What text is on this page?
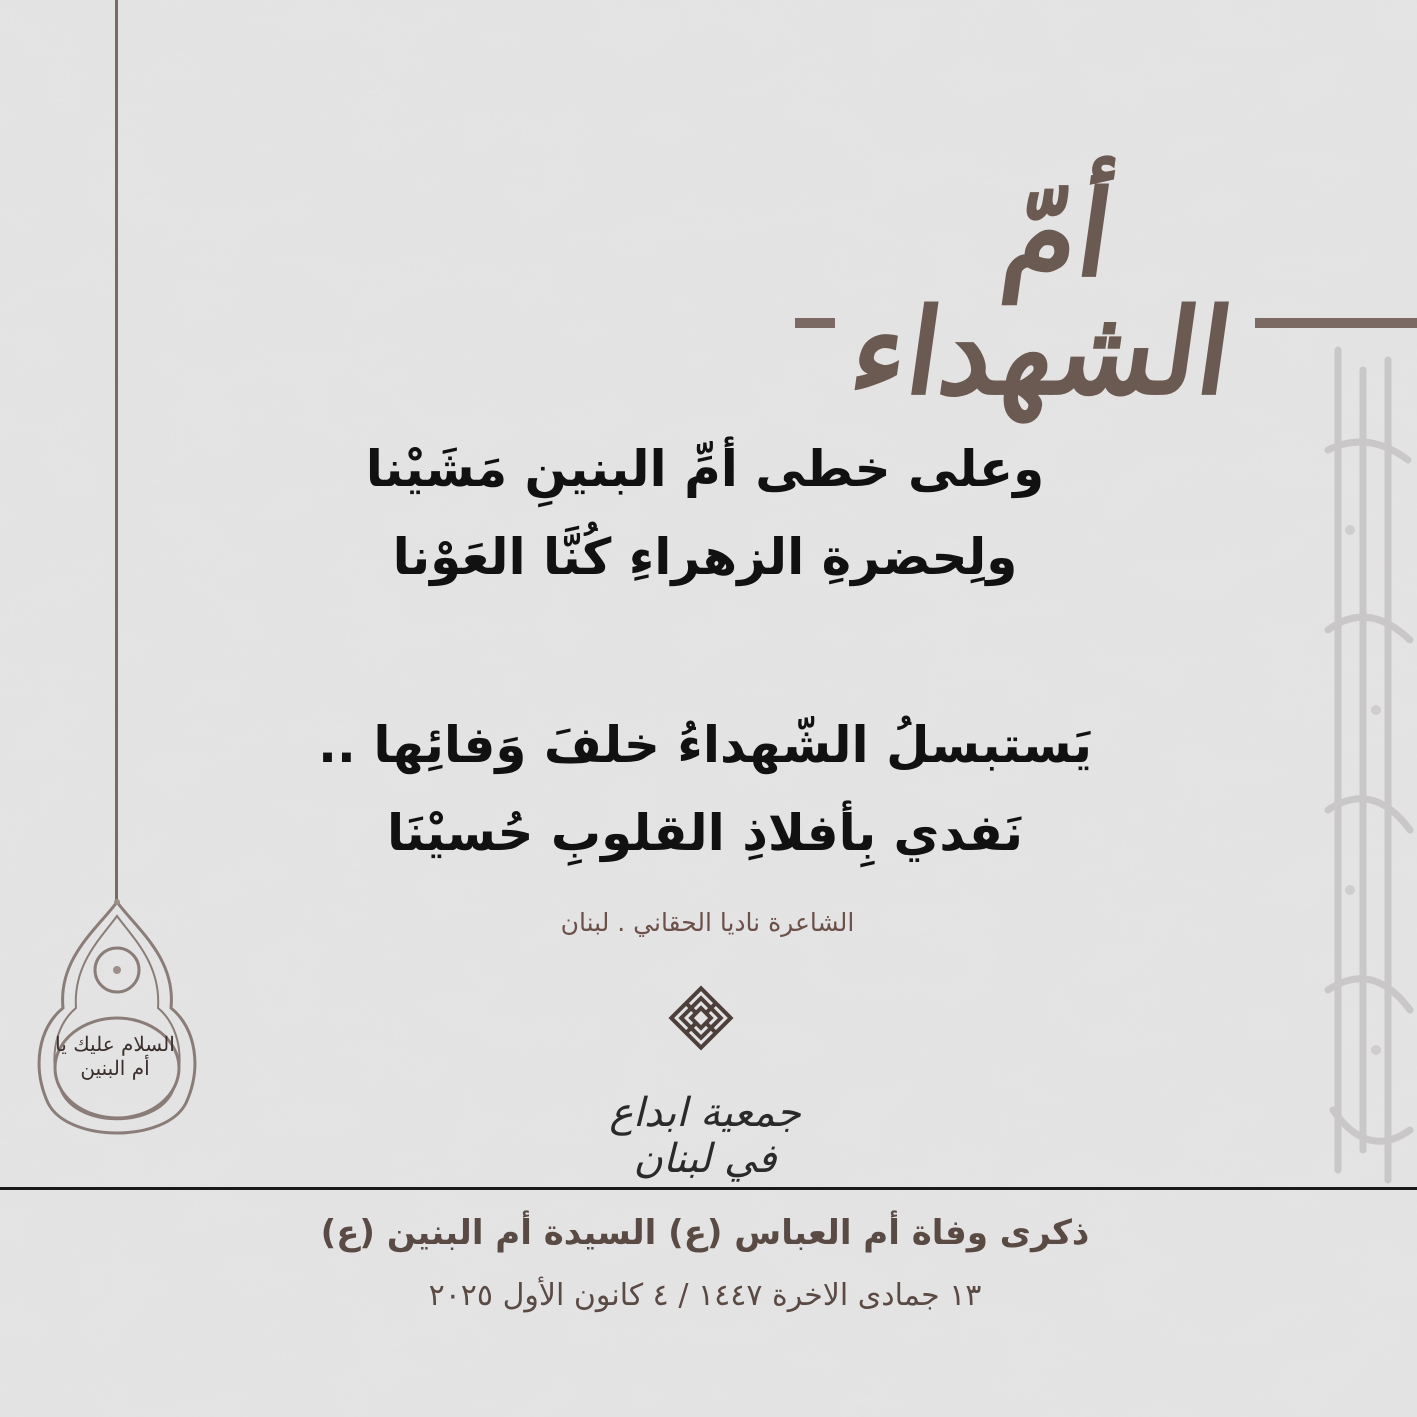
أمّ الشهداء
وعلى خطى أمِّ البنينِ مَشَيْنا
ولِحضرةِ الزهراءِ كُنَّا العَوْنا
يَستبسلُ الشّهداءُ خلفَ وَفائِها ..
نَفدي بِأفلاذِ القلوبِ حُسيْنَا
الشاعرة ناديا الحقاني . لبنان
جمعية ابداع في لبنان
السلام عليك يا أم البنين
ذكرى وفاة أم العباس (ع) السيدة أم البنين (ع)
١٣ جمادى الاخرة ١٤٤٧ / ٤ كانون الأول ٢٠٢٥
